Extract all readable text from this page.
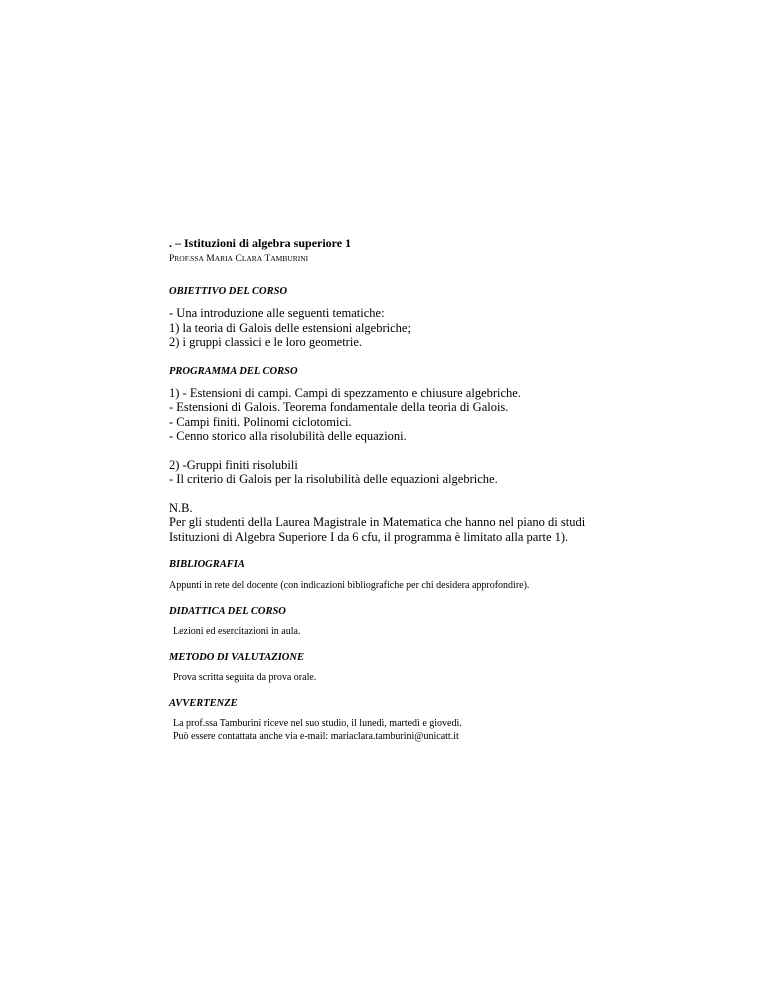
. – Istituzioni di algebra superiore 1

PROF.SSA MARIA CLARA TAMBURINI

OBIETTIVO DEL CORSO

- Una introduzione alle seguenti tematiche:

1) la teoria di Galois delle estensioni algebriche;

2) i gruppi classici e le loro geometrie.

PROGRAMMA DEL CORSO

1) - Estensioni di campi. Campi di spezzamento e chiusure algebriche.

- Estensioni di Galois. Teorema fondamentale della teoria di Galois.

- Campi finiti. Polinomi ciclotomici.

- Cenno storico alla risolubilità delle equazioni.

2) -Gruppi finiti risolubili

- Il criterio di Galois per la risolubilità delle equazioni algebriche.

N.B.

Per gli studenti della Laurea Magistrale in Matematica che hanno nel piano di studi

Istituzioni di Algebra Superiore I da 6 cfu, il programma è limitato alla parte 1).

BIBLIOGRAFIA

Appunti in rete del docente (con indicazioni bibliografiche per chi desidera approfondire).

DIDATTICA DEL CORSO

Lezioni ed esercitazioni in aula.

METODO DI VALUTAZIONE

Prova scritta seguita da prova orale.

AVVERTENZE

La prof.ssa Tamburini riceve nel suo studio, il lunedì, martedì e giovedì.

Può essere contattata anche via e-mail: mariaclara.tamburini@unicatt.it
